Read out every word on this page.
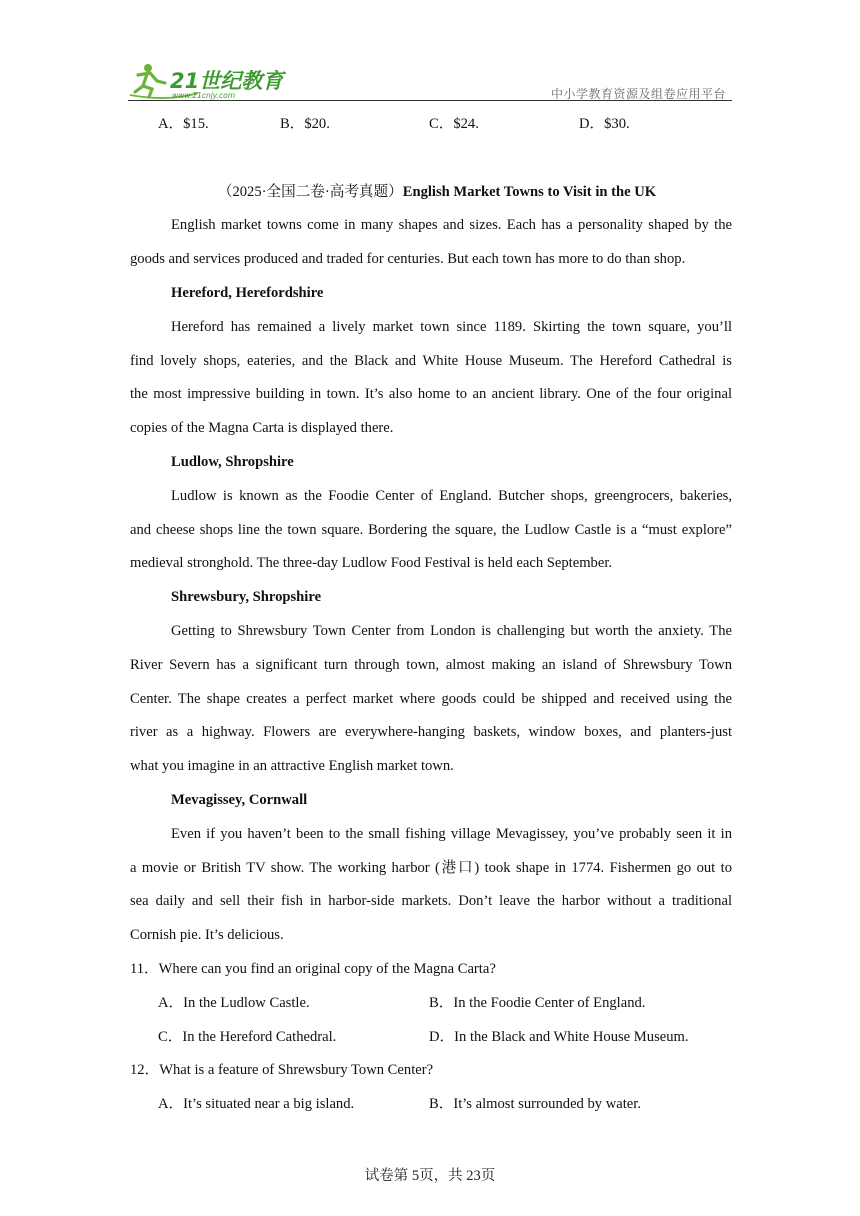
21世纪教育
www.21cnjy.com	中小学教育资源及组卷应用平台
A．$15.	B．$20.	C．$24.	D．$30.
（2025·全国二卷·高考真题）English Market Towns to Visit in the UK
English market towns come in many shapes and sizes. Each has a personality shaped by the
goods and services produced and traded for centuries. But each town has more to do than shop.
Hereford, Herefordshire
Hereford has remained a lively market town since 1189. Skirting the town square, you’ll
find lovely shops, eateries, and the Black and White House Museum. The Hereford Cathedral is
the most impressive building in town. It’s also home to an ancient library. One of the four original
copies of the Magna Carta is displayed there.
Ludlow, Shropshire
Ludlow is known as the Foodie Center of England. Butcher shops, greengrocers, bakeries,
and cheese shops line the town square. Bordering the square, the Ludlow Castle is a “must explore”
medieval stronghold. The three-day Ludlow Food Festival is held each September.
Shrewsbury, Shropshire
Getting to Shrewsbury Town Center from London is challenging but worth the anxiety. The
River Severn has a significant turn through town, almost making an island of Shrewsbury Town
Center. The shape creates a perfect market where goods could be shipped and received using the
river as a highway. Flowers are everywhere-hanging baskets, window boxes, and planters-just
what you imagine in an attractive English market town.
Mevagissey, Cornwall
Even if you haven’t been to the small fishing village Mevagissey, you’ve probably seen it in
a movie or British TV show. The working harbor (港口) took shape in 1774. Fishermen go out to
sea daily and sell their fish in harbor-side markets. Don’t leave the harbor without a traditional
Cornish pie. It’s delicious.
11．Where can you find an original copy of the Magna Carta?
A．In the Ludlow Castle.	B．In the Foodie Center of England.
C．In the Hereford Cathedral.	D．In the Black and White House Museum.
12．What is a feature of Shrewsbury Town Center?
A．It’s situated near a big island.	B．It’s almost surrounded by water.
试卷第 5页，共 23页
